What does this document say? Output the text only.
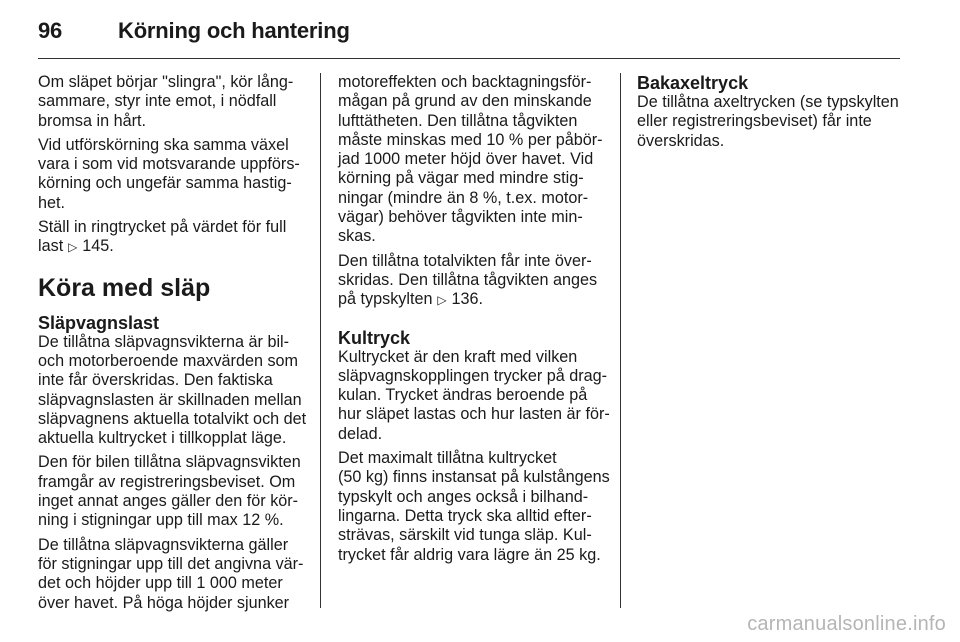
96	Körning och hantering
Om släpet börjar "slingra", kör lång-
sammare, styr inte emot, i nödfall
bromsa in hårt.
Vid utförskörning ska samma växel
vara i som vid motsvarande uppförs-
körning och ungefär samma hastig-
het.
Ställ in ringtrycket på värdet för full
last ▷ 145.
Köra med släp
Släpvagnslast
De tillåtna släpvagnsvikterna är bil-
och motorberoende maxvärden som
inte får överskridas. Den faktiska
släpvagnslasten är skillnaden mellan
släpvagnens aktuella totalvikt och det
aktuella kultrycket i tillkopplat läge.
Den för bilen tillåtna släpvagnsvikten
framgår av registreringsbeviset. Om
inget annat anges gäller den för kör-
ning i stigningar upp till max 12 %.
De tillåtna släpvagnsvikterna gäller
för stigningar upp till det angivna vär-
det och höjder upp till 1 000 meter
över havet. På höga höjder sjunker
motoreffekten och backtagningsför-
mågan på grund av den minskande
lufttätheten. Den tillåtna tågvikten
måste minskas med 10 % per påbör-
jad 1000 meter höjd över havet. Vid
körning på vägar med mindre stig-
ningar (mindre än 8 %, t.ex. motor-
vägar) behöver tågvikten inte min-
skas.
Den tillåtna totalvikten får inte över-
skridas. Den tillåtna tågvikten anges
på typskylten ▷ 136.
Kultryck
Kultrycket är den kraft med vilken
släpvagnskopplingen trycker på drag-
kulan. Trycket ändras beroende på
hur släpet lastas och hur lasten är för-
delad.
Det maximalt tillåtna kultrycket
(50 kg) finns instansat på kulstångens
typskylt och anges också i bilhand-
lingarna. Detta tryck ska alltid efter-
strävas, särskilt vid tunga släp. Kul-
trycket får aldrig vara lägre än 25 kg.
Bakaxeltryck
De tillåtna axeltrycken (se typskylten
eller registreringsbeviset) får inte
överskridas.
carmanualsonline.info
